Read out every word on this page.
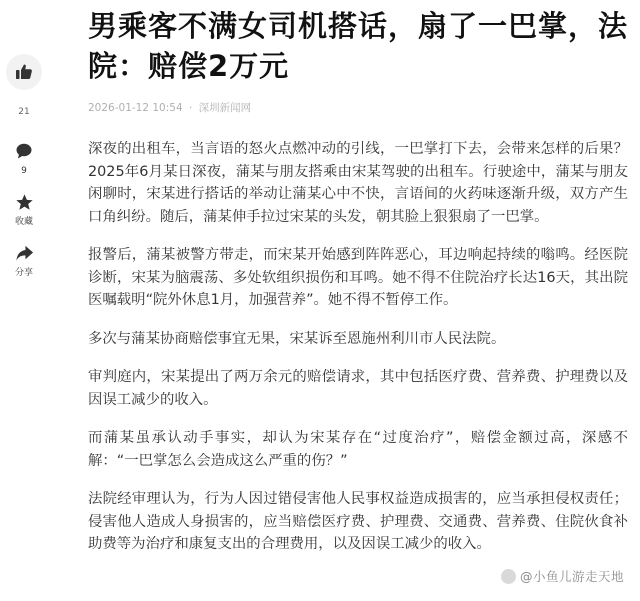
21
9
收藏
分享
男乘客不满女司机搭话，扇了一巴掌，法
院：赔偿2万元
2026-01-12 10:54 · 深圳新闻网

深夜的出租车，当言语的怒火点燃冲动的引线，一巴掌打下去，会带来怎样的后果？2025年6月某日深夜，蒲某与朋友搭乘由宋某驾驶的出租车。行驶途中，蒲某与朋友闲聊时，宋某进行搭话的举动让蒲某心中不快，言语间的火药味逐渐升级，双方产生口角纠纷。随后，蒲某伸手拉过宋某的头发，朝其脸上狠狠扇了一巴掌。

报警后，蒲某被警方带走，而宋某开始感到阵阵恶心，耳边响起持续的嗡鸣。经医院诊断，宋某为脑震荡、多处软组织损伤和耳鸣。她不得不住院治疗长达16天，其出院医嘱载明“院外休息1月，加强营养”。她不得不暂停工作。

多次与蒲某协商赔偿事宜无果，宋某诉至恩施州利川市人民法院。

审判庭内，宋某提出了两万余元的赔偿请求，其中包括医疗费、营养费、护理费以及因误工减少的收入。

而蒲某虽承认动手事实，却认为宋某存在“过度治疗”，赔偿金额过高，深感不解：“一巴掌怎么会造成这么严重的伤？”

法院经审理认为，行为人因过错侵害他人民事权益造成损害的，应当承担侵权责任；侵害他人造成人身损害的，应当赔偿医疗费、护理费、交通费、营养费、住院伙食补助费等为治疗和康复支出的合理费用，以及因误工减少的收入。

@小鱼儿游走天地
